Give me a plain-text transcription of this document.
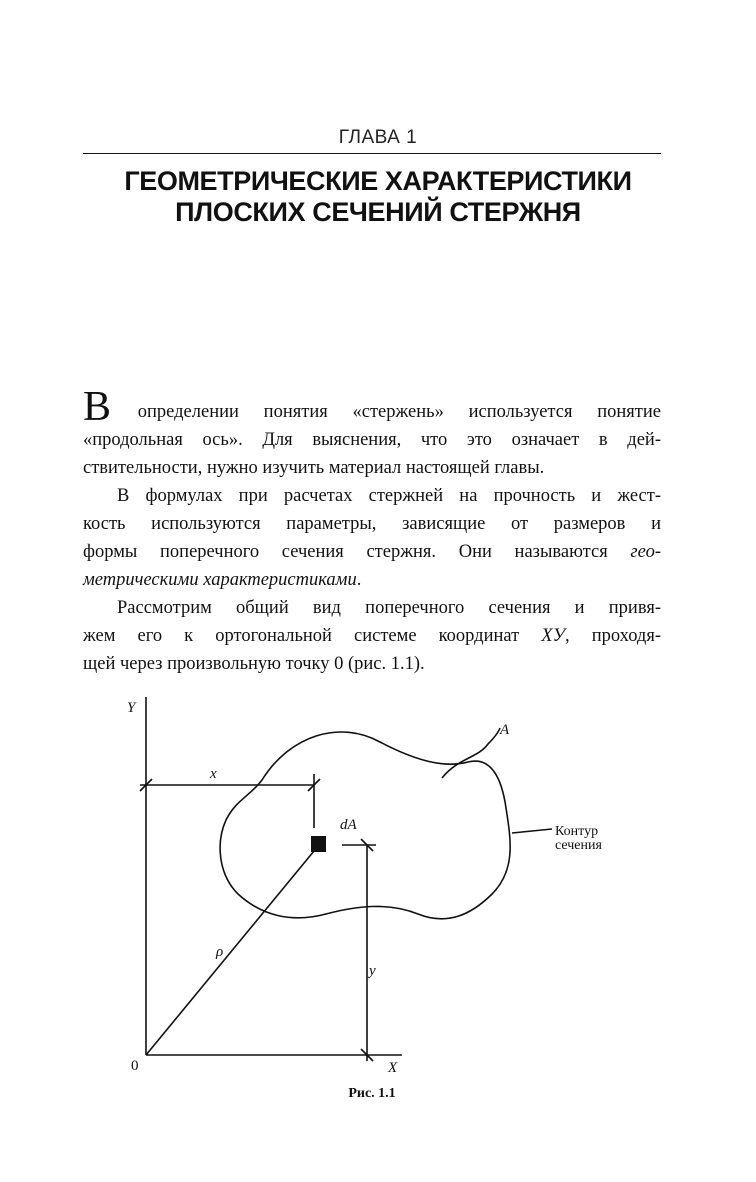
ГЛАВА 1
ГЕОМЕТРИЧЕСКИЕ ХАРАКТЕРИСТИКИ
ПЛОСКИХ СЕЧЕНИЙ СТЕРЖНЯ
В определении понятия «стержень» используется понятие
«продольная ось». Для выяснения, что это означает в дей-
ствительности, нужно изучить материал настоящей главы.
В формулах при расчетах стержней на прочность и жест-
кость используются параметры, зависящие от размеров и
формы поперечного сечения стержня. Они называются гео-
метрическими характеристиками.
Рассмотрим общий вид поперечного сечения и привя-
жем его к ортогональной системе координат ХУ, проходя-
щей через произвольную точку 0 (рис. 1.1).
Y
X
0
x
y
ρ
dA
A
Контур
сечения
Рис. 1.1
